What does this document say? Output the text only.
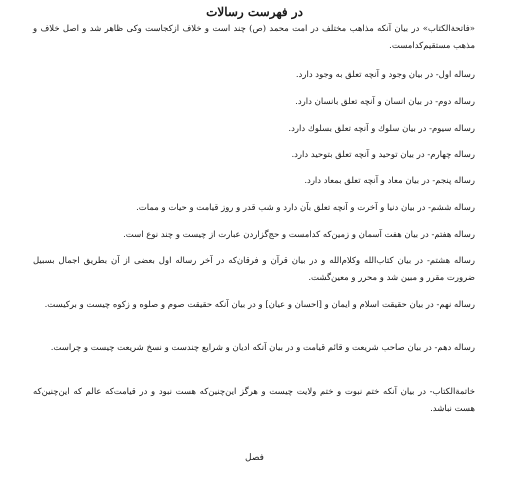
در فهرست رسالات
«فاتحة‌الکتاب» در بیان آنکه مذاهب مختلف در امت محمد (ص) چند است و خلاف ازکجاست وکی ظاهر شد و اصل خلاف و مذهب مستقیم‌کدامست.
رساله اول- در بیان وجود و آنچه تعلق به وجود دارد.
رساله دوم- در بیان انسان و آنچه تعلق بانسان دارد.
رساله سیوم- در بیان سلوك و آنچه تعلق بسلوك دارد.
رساله چهارم- در بیان توحید و آنچه تعلق بتوحید دارد.
رساله پنجم- در بیان معاد و آنچه تعلق بمعاد دارد.
رساله ششم- در بیان دنیا و آخرت و آنچه تعلق بآن دارد و شب قدر و روز قیامت و حیات و ممات.
رساله هفتم- در بیان هفت آسمان و زمین‌که کدامست و حج‌گزاردن عبارت از چیست و چند نوع است.
رساله هشتم- در بیان کتاب‌الله وکلام‌الله و در بیان قرآن و فرقان‌که در آخر رساله اول بعضی از آن بطریق اجمال بسبیل ضرورت مقرر و مبین شد و محرر و معین‌گشت.
رساله نهم- در بیان حقیقت اسلام و ایمان و [احسان و عیان] و در بیان آنکه حقیقت صوم و صلوه و زکوه چیست و برکیست.
رساله دهم- در بیان صاحب شریعت و قائم قیامت و در بیان آنکه ادیان و شرایع چندست و نسخ شریعت چیست و چراست.
خاتمة‌الکتاب- در بیان آنکه ختم نبوت و ختم ولایت چیست و هرگز این‌چنین‌که هست نبود و در قیامت‌که عالم که این‌چنین‌که هست نباشد.
فصل
